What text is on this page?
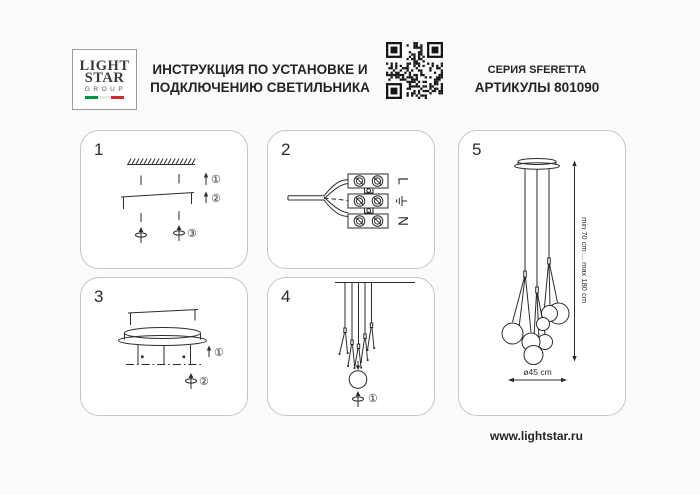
LIGHT
STAR
GROUP
ИНСТРУКЦИЯ ПО УСТАНОВКЕ И
ПОДКЛЮЧЕНИЮ СВЕТИЛЬНИКА
СЕРИЯ SFERETTA
АРТИКУЛЫ 801090
1
③
①
②
2
L
N
3
①
②
4
①
5
min 70 cm ... max 180 cm
ø45 cm
www.lightstar.ru
